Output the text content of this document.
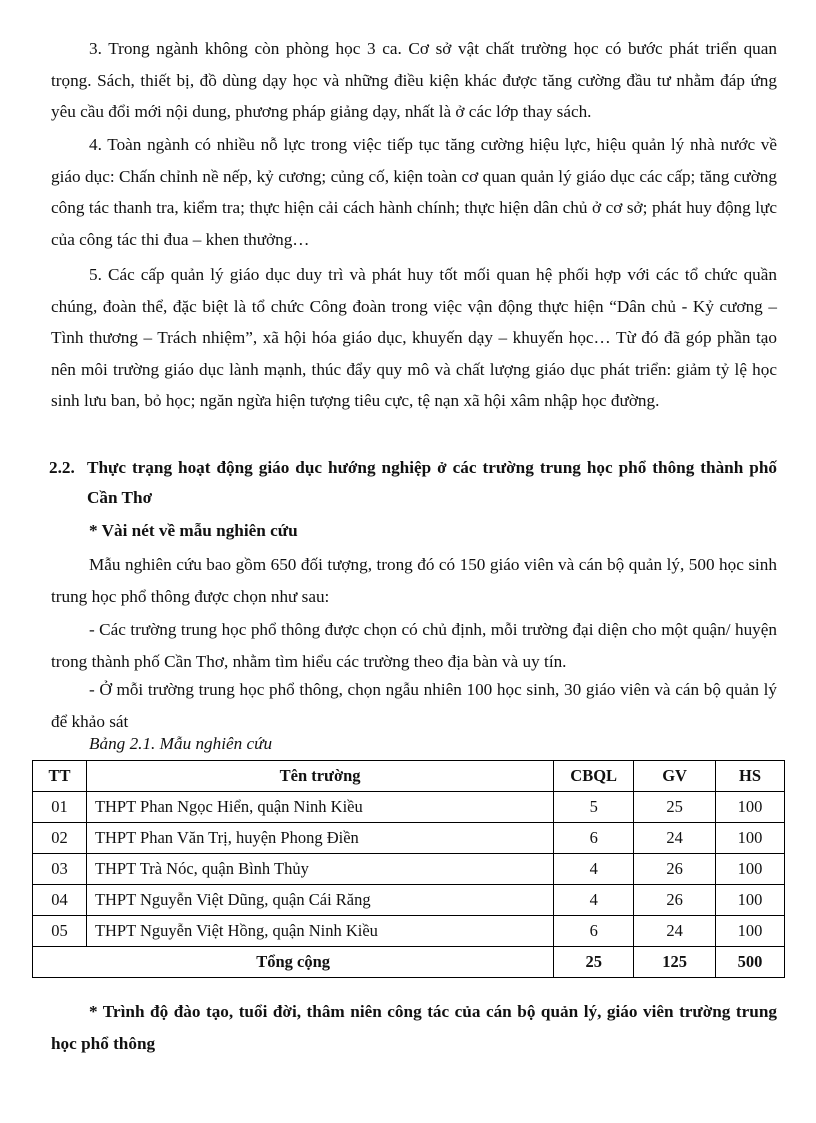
3. Trong ngành không còn phòng học 3 ca. Cơ sở vật chất trường học có bước phát triển quan trọng. Sách, thiết bị, đồ dùng dạy học và những điều kiện khác được tăng cường đầu tư nhằm đáp ứng yêu cầu đổi mới nội dung, phương pháp giảng dạy, nhất là ở các lớp thay sách.

4. Toàn ngành có nhiều nỗ lực trong việc tiếp tục tăng cường hiệu lực, hiệu quản lý nhà nước về giáo dục: Chấn chỉnh nề nếp, kỷ cương; củng cố, kiện toàn cơ quan quản lý giáo dục các cấp; tăng cường công tác thanh tra, kiểm tra; thực hiện cải cách hành chính; thực hiện dân chủ ở cơ sở; phát huy động lực của công tác thi đua – khen thưởng…

5. Các cấp quản lý giáo dục duy trì và phát huy tốt mối quan hệ phối hợp với các tổ chức quần chúng, đoàn thể, đặc biệt là tổ chức Công đoàn trong việc vận động thực hiện “Dân chủ - Kỷ cương – Tình thương – Trách nhiệm”, xã hội hóa giáo dục, khuyến dạy – khuyến học… Từ đó đã góp phần tạo nên môi trường giáo dục lành mạnh, thúc đẩy quy mô và chất lượng giáo dục phát triển: giảm tỷ lệ học sinh lưu ban, bỏ học; ngăn ngừa hiện tượng tiêu cực, tệ nạn xã hội xâm nhập học đường.

2.2. Thực trạng hoạt động giáo dục hướng nghiệp ở các trường trung học phổ thông thành phố Cần Thơ

* Vài nét về mẫu nghiên cứu

Mẫu nghiên cứu bao gồm 650 đối tượng, trong đó có 150 giáo viên và cán bộ quản lý, 500 học sinh trung học phổ thông được chọn như sau:

- Các trường trung học phổ thông được chọn có chủ định, mỗi trường đại diện cho một quận/ huyện trong thành phố Cần Thơ, nhằm tìm hiểu các trường theo địa bàn và uy tín.

- Ở mỗi trường trung học phổ thông, chọn ngẫu nhiên 100 học sinh, 30 giáo viên và cán bộ quản lý để khảo sát

Bảng 2.1. Mẫu nghiên cứu

TT	Tên trường	CBQL	GV	HS
01	THPT Phan Ngọc Hiển, quận Ninh Kiều	5	25	100
02	THPT Phan Văn Trị, huyện Phong Điền	6	24	100
03	THPT Trà Nóc, quận Bình Thủy	4	26	100
04	THPT Nguyễn Việt Dũng, quận Cái Răng	4	26	100
05	THPT Nguyễn Việt Hồng, quận Ninh Kiều	6	24	100
Tổng cộng		25	125	500

* Trình độ đào tạo, tuổi đời, thâm niên công tác của cán bộ quản lý, giáo viên trường trung học phổ thông
